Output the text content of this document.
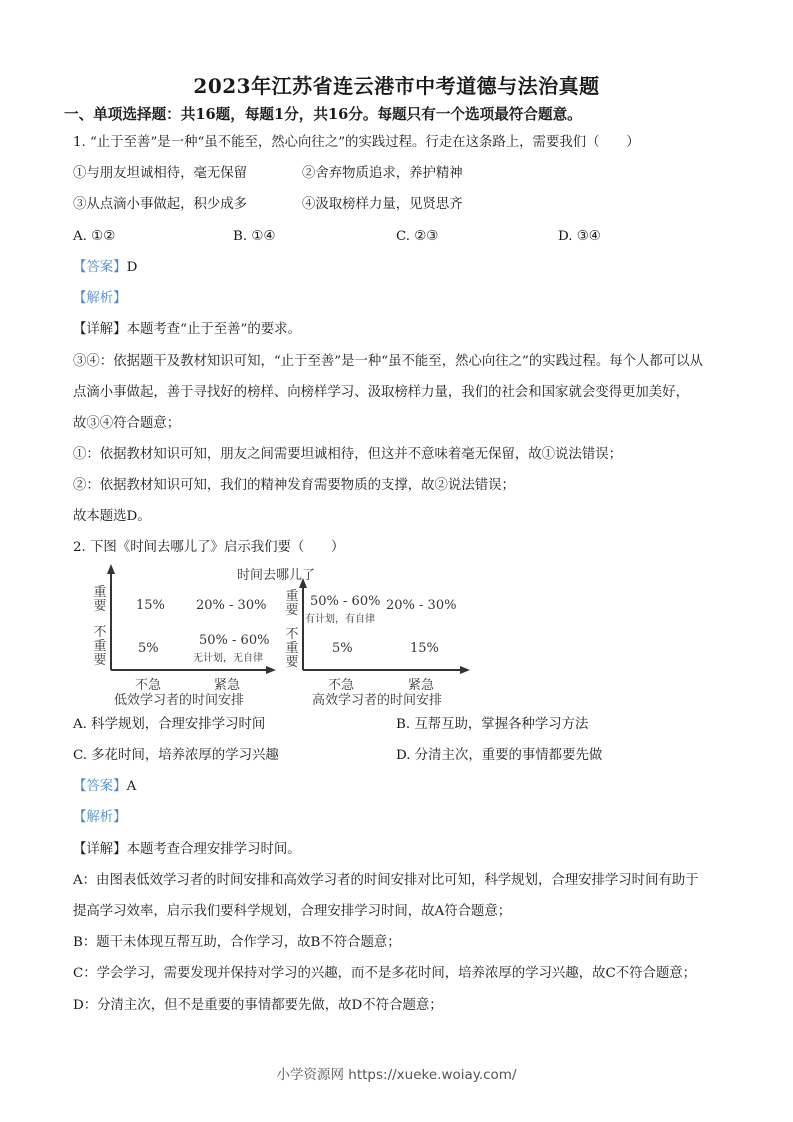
2023年江苏省连云港市中考道德与法治真题
一、单项选择题：共16题，每题1分，共16分。每题只有一个选项最符合题意。
1. “止于至善”是一种“虽不能至，然心向往之”的实践过程。行走在这条路上，需要我们（　　）
①与朋友坦诚相待，毫无保留	②舍弃物质追求，养护精神
③从点滴小事做起，积少成多	④汲取榜样力量，见贤思齐
A. ①②	B. ①④	C. ②③	D. ③④
【答案】D
【解析】
【详解】本题考查“止于至善”的要求。
③④：依据题干及教材知识可知，“止于至善”是一种“虽不能至，然心向往之”的实践过程。每个人都可以从
点滴小事做起，善于寻找好的榜样、向榜样学习、汲取榜样力量，我们的社会和国家就会变得更加美好，
故③④符合题意；
①：依据教材知识可知，朋友之间需要坦诚相待，但这并不意味着毫无保留，故①说法错误；
②：依据教材知识可知，我们的精神发育需要物质的支撑，故②说法错误；
故本题选D。
2. 下图《时间去哪儿了》启示我们要（　　）
时间去哪儿了
重要
不重要
15% 20% - 30%
5%
50% - 60%
无计划，无自律
不急	紧急
低效学习者的时间安排
重要
不重要
50% - 60%
有计划，有自律
20% - 30%
5%	15%
不急	紧急
高效学习者的时间安排
A. 科学规划，合理安排学习时间	B. 互帮互助，掌握各种学习方法
C. 多花时间，培养浓厚的学习兴趣	D. 分清主次，重要的事情都要先做
【答案】A
【解析】
【详解】本题考查合理安排学习时间。
A：由图表低效学习者的时间安排和高效学习者的时间安排对比可知，科学规划，合理安排学习时间有助于
提高学习效率，启示我们要科学规划，合理安排学习时间，故A符合题意；
B：题干未体现互帮互助，合作学习，故B不符合题意；
C：学会学习，需要发现并保持对学习的兴趣，而不是多花时间，培养浓厚的学习兴趣，故C不符合题意；
D：分清主次，但不是重要的事情都要先做，故D不符合题意；
小学资源网 https://xueke.woiay.com/
